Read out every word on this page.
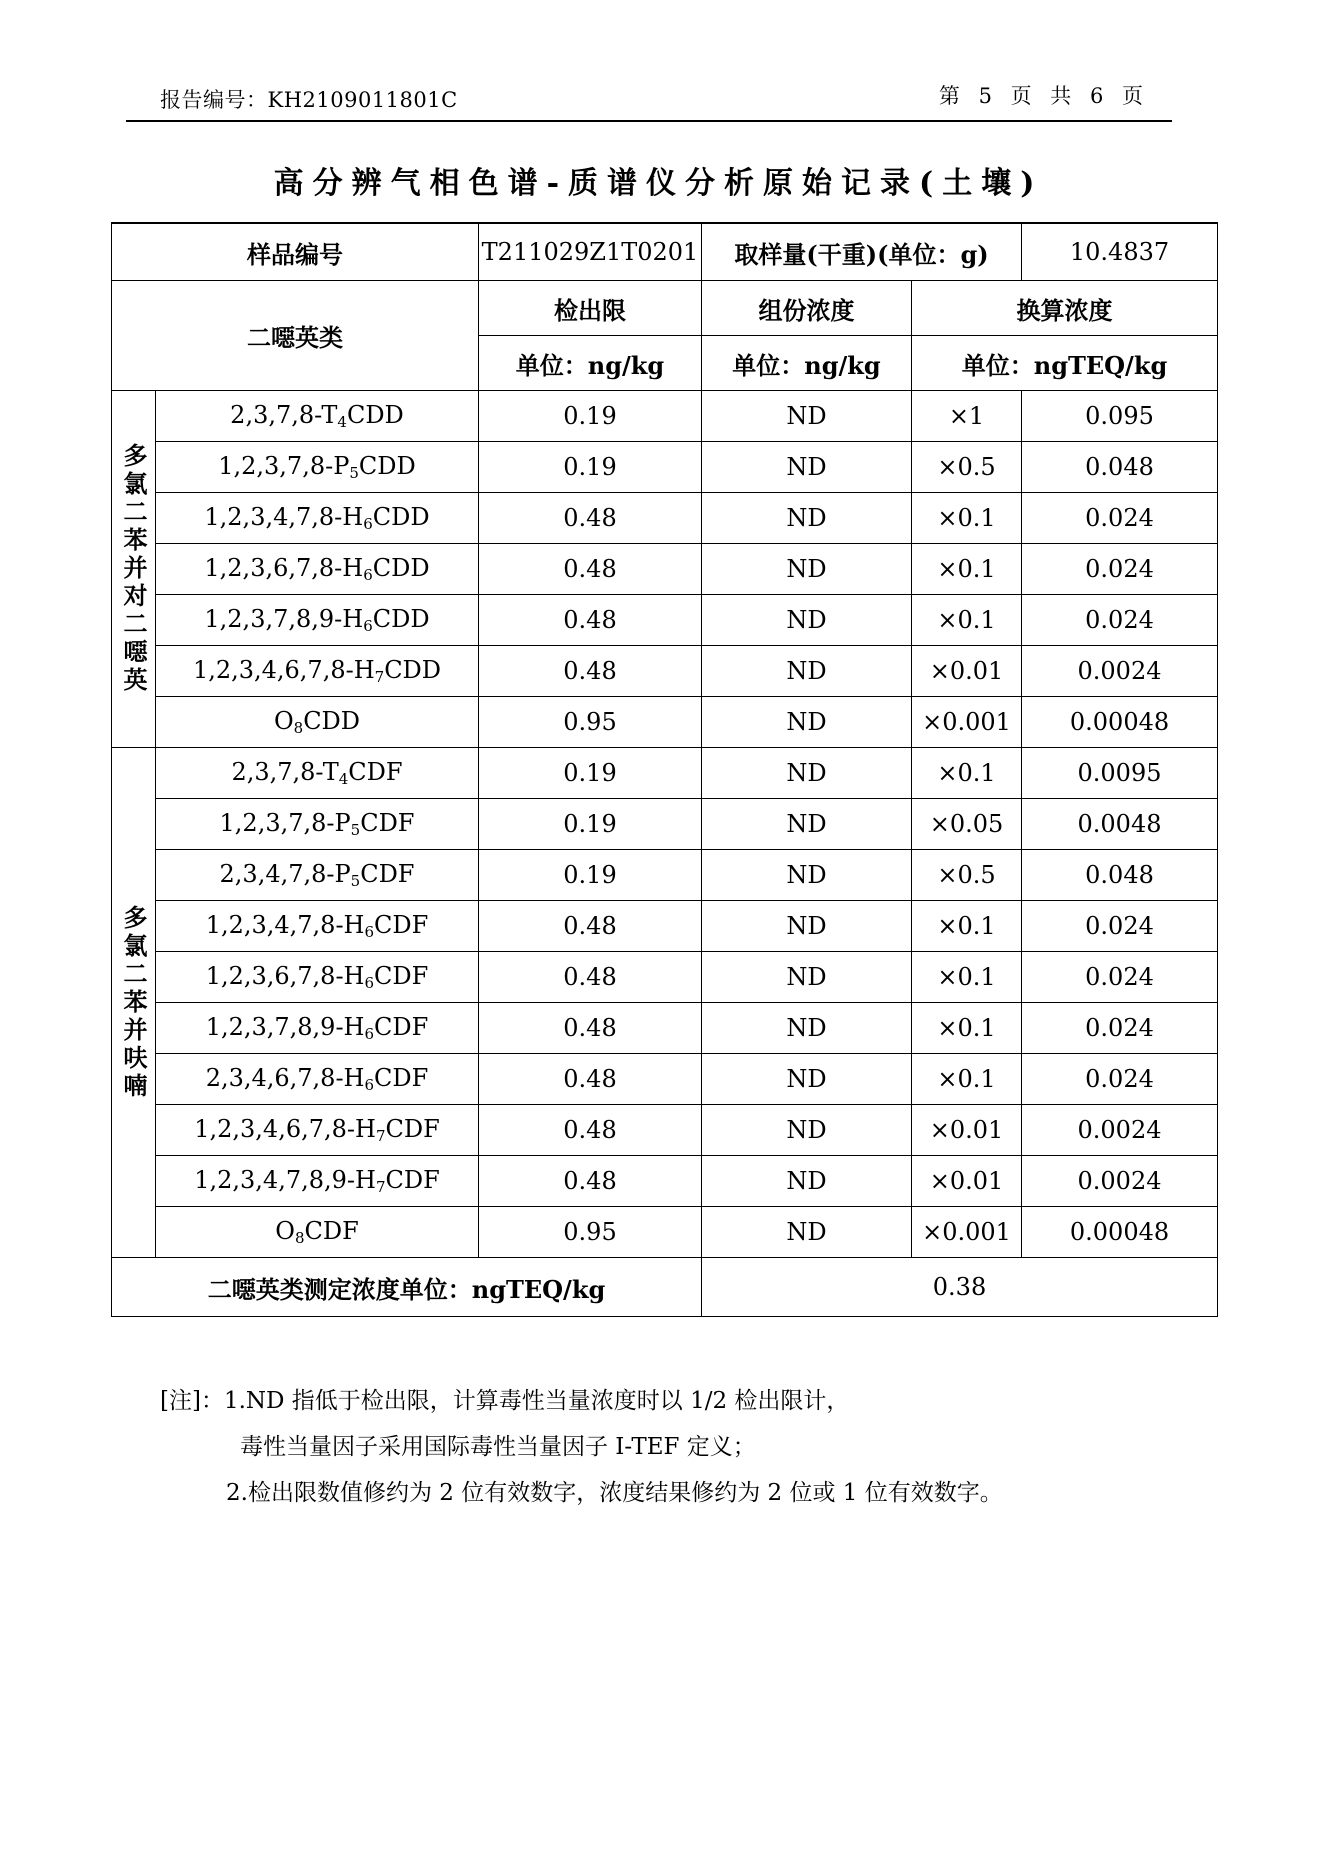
报告编号：KH2109011801C	第 5 页 共 6 页
高分辨气相色谱-质谱仪分析原始记录(土壤)
样品编号		T211029Z1T0201	取样量(干重)(单位：g)		10.4837
二噁英类		检出限	组份浓度	换算浓度	
		单位：ng/kg	单位：ng/kg	单位：ngTEQ/kg	
多氯二苯并对二噁英	$2,3,7,8-T_4CDD$	0.19	ND	×1	0.095
	$1,2,3,7,8-P_5CDD$	0.19	ND	×0.5	0.048
	$1,2,3,4,7,8-H_6CDD$	0.48	ND	×0.1	0.024
	$1,2,3,6,7,8-H_6CDD$	0.48	ND	×0.1	0.024
	$1,2,3,7,8,9-H_6CDD$	0.48	ND	×0.1	0.024
	$1,2,3,4,6,7,8-H_7CDD$	0.48	ND	×0.01	0.0024
	$O_8CDD$	0.95	ND	×0.001	0.00048
多氯二苯并呋喃	$2,3,7,8-T_4CDF$	0.19	ND	×0.1	0.0095
	$1,2,3,7,8-P_5CDF$	0.19	ND	×0.05	0.0048
	$2,3,4,7,8-P_5CDF$	0.19	ND	×0.5	0.048
	$1,2,3,4,7,8-H_6CDF$	0.48	ND	×0.1	0.024
	$1,2,3,6,7,8-H_6CDF$	0.48	ND	×0.1	0.024
	$1,2,3,7,8,9-H_6CDF$	0.48	ND	×0.1	0.024
	$2,3,4,6,7,8-H_6CDF$	0.48	ND	×0.1	0.024
	$1,2,3,4,6,7,8-H_7CDF$	0.48	ND	×0.01	0.0024
	$1,2,3,4,7,8,9-H_7CDF$	0.48	ND	×0.01	0.0024
	$O_8CDF$	0.95	ND	×0.001	0.00048
二噁英类测定浓度单位：ngTEQ/kg			0.38		
[注]：1.ND 指低于检出限，计算毒性当量浓度时以 1/2 检出限计，
毒性当量因子采用国际毒性当量因子 I-TEF 定义；
2.检出限数值修约为 2 位有效数字，浓度结果修约为 2 位或 1 位有效数字。
